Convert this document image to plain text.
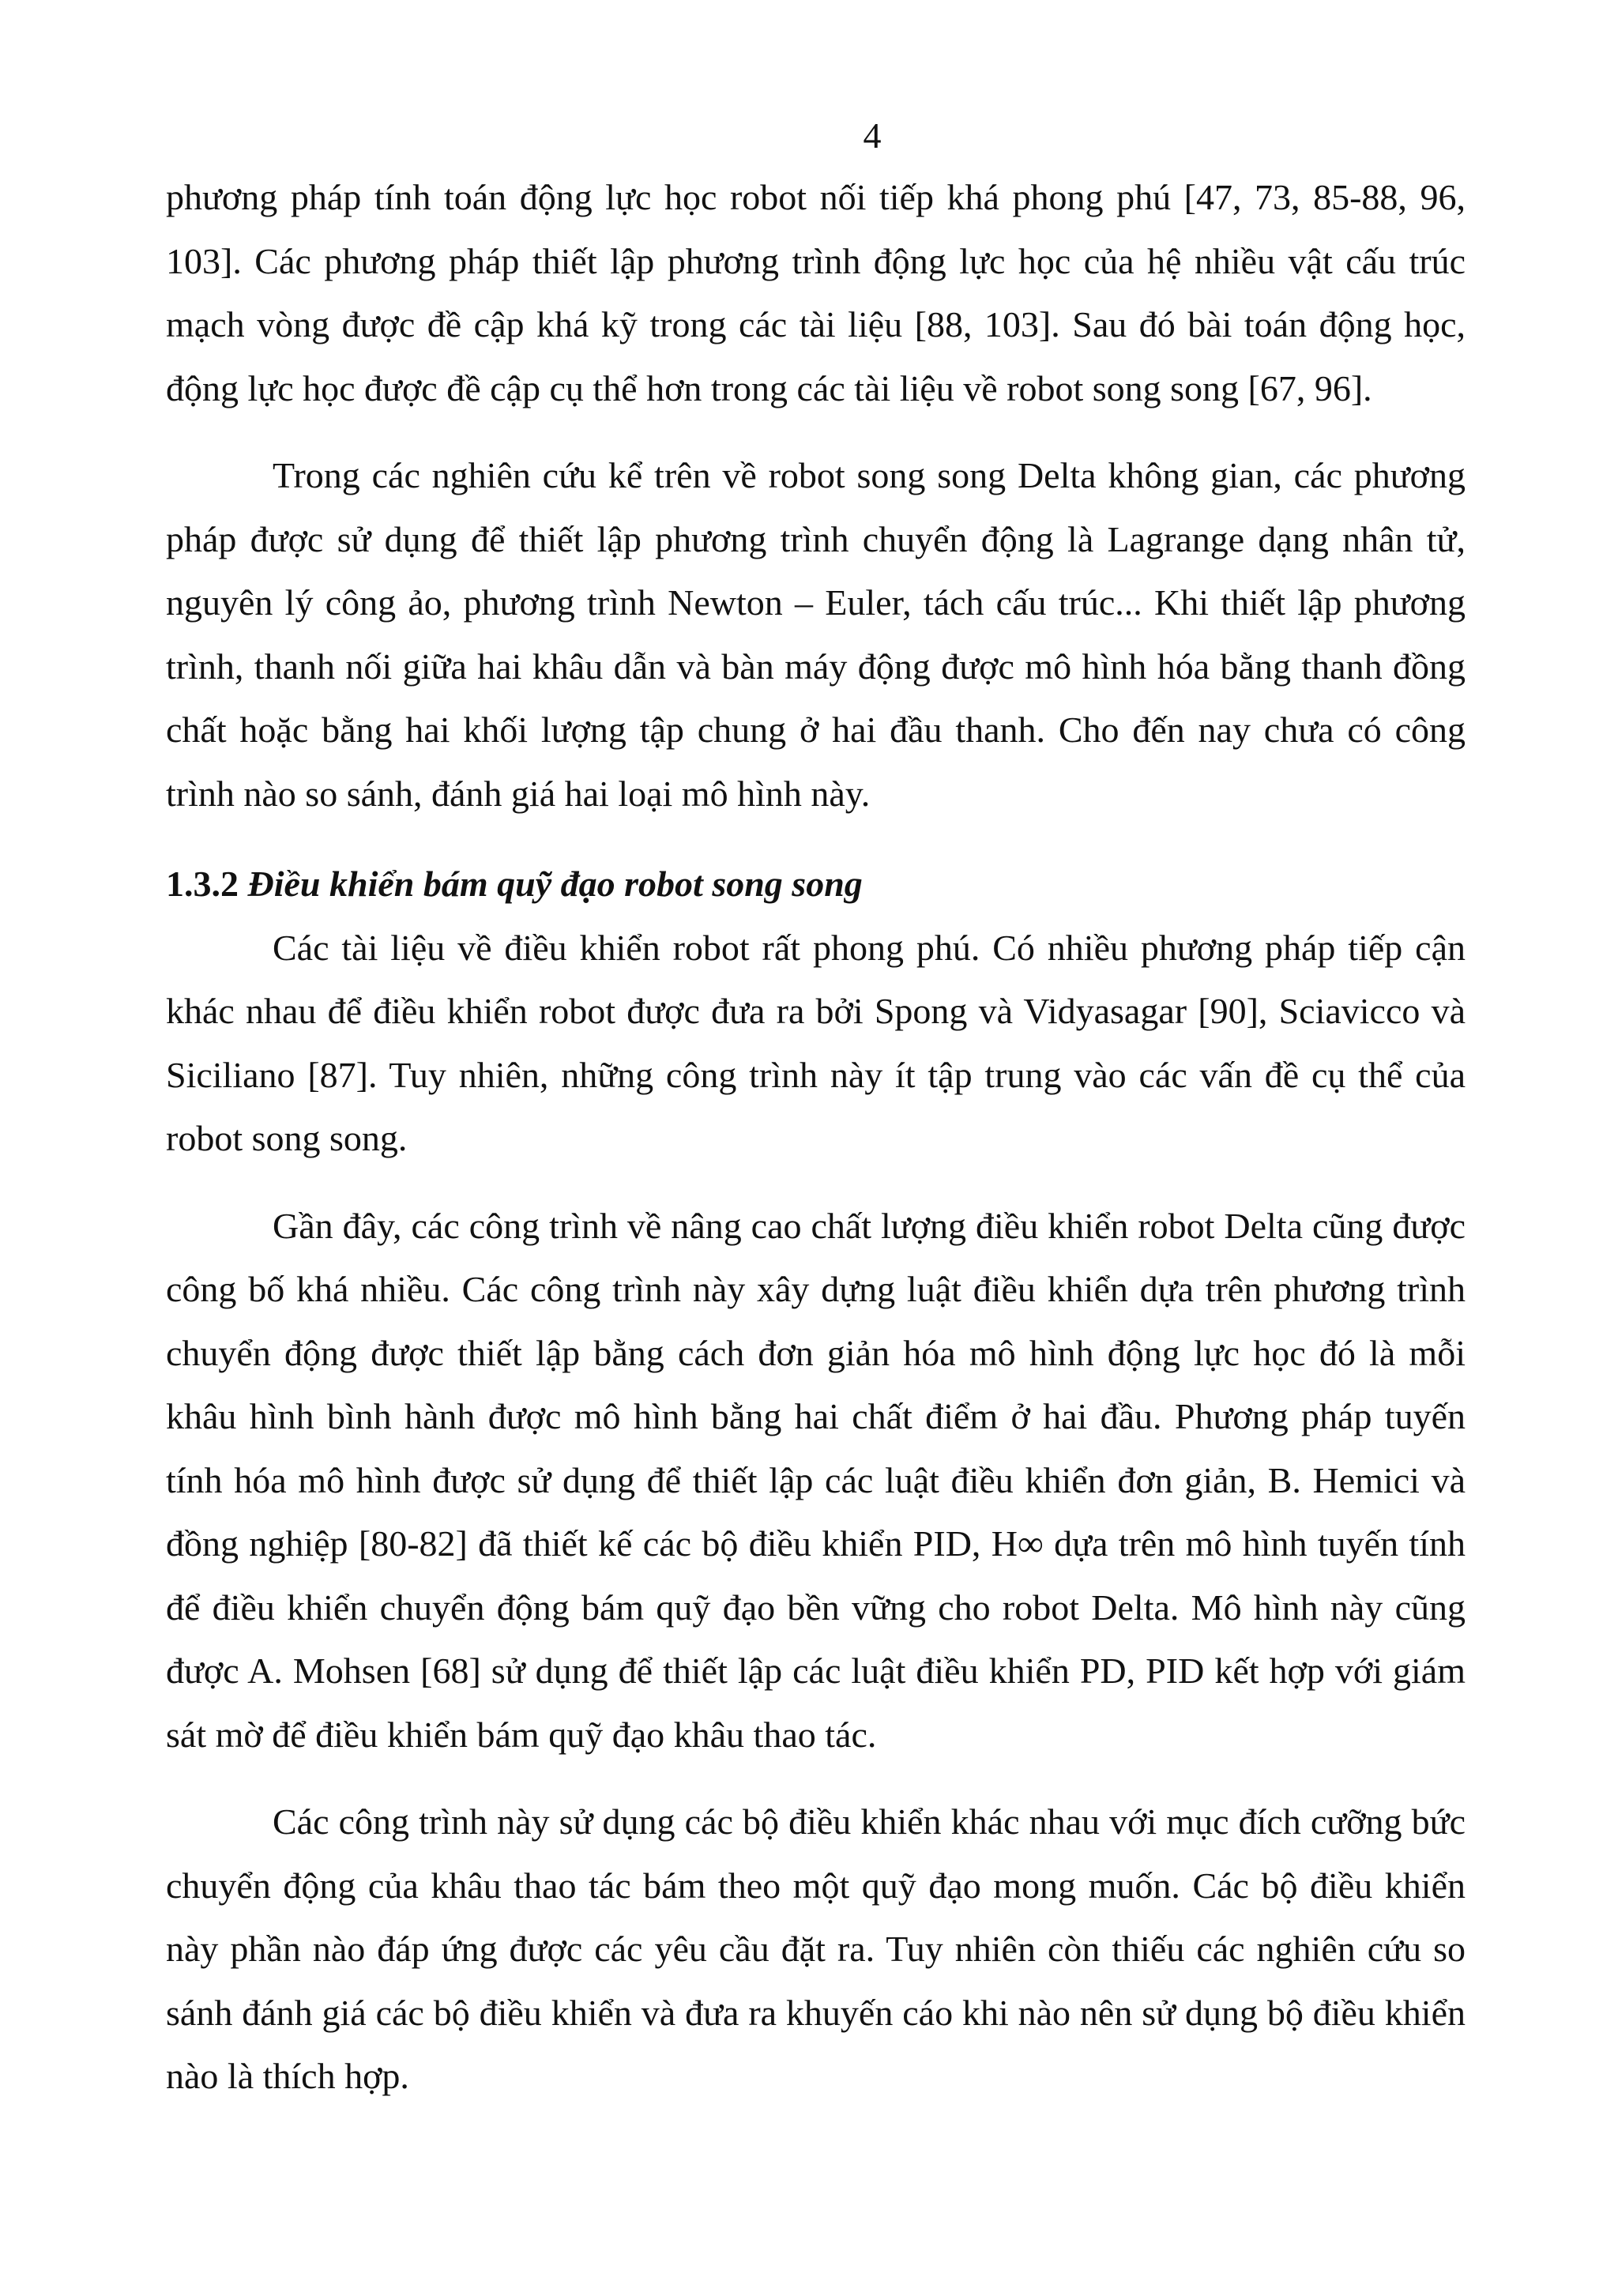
4

phương pháp tính toán động lực học robot nối tiếp khá phong phú [47, 73, 85-88, 96, 103]. Các phương pháp thiết lập phương trình động lực học của hệ nhiều vật cấu trúc mạch vòng được đề cập khá kỹ trong các tài liệu [88, 103]. Sau đó bài toán động học, động lực học được đề cập cụ thể hơn trong các tài liệu về robot song song [67, 96].

Trong các nghiên cứu kể trên về robot song song Delta không gian, các phương pháp được sử dụng để thiết lập phương trình chuyển động là Lagrange dạng nhân tử, nguyên lý công ảo, phương trình Newton – Euler, tách cấu trúc... Khi thiết lập phương trình, thanh nối giữa hai khâu dẫn và bàn máy động được mô hình hóa bằng thanh đồng chất hoặc bằng hai khối lượng tập chung ở hai đầu thanh. Cho đến nay chưa có công trình nào so sánh, đánh giá hai loại mô hình này.

1.3.2 Điều khiển bám quỹ đạo robot song song

Các tài liệu về điều khiển robot rất phong phú. Có nhiều phương pháp tiếp cận khác nhau để điều khiển robot được đưa ra bởi Spong và Vidyasagar [90], Sciavicco và Siciliano [87]. Tuy nhiên, những công trình này ít tập trung vào các vấn đề cụ thể của robot song song.

Gần đây, các công trình về nâng cao chất lượng điều khiển robot Delta cũng được công bố khá nhiều. Các công trình này xây dựng luật điều khiển dựa trên phương trình chuyển động được thiết lập bằng cách đơn giản hóa mô hình động lực học đó là mỗi khâu hình bình hành được mô hình bằng hai chất điểm ở hai đầu. Phương pháp tuyến tính hóa mô hình được sử dụng để thiết lập các luật điều khiển đơn giản, B. Hemici và đồng nghiệp [80-82] đã thiết kế các bộ điều khiển PID, H∞ dựa trên mô hình tuyến tính để điều khiển chuyển động bám quỹ đạo bền vững cho robot Delta. Mô hình này cũng được A. Mohsen [68] sử dụng để thiết lập các luật điều khiển PD, PID kết hợp với giám sát mờ để điều khiển bám quỹ đạo khâu thao tác.

Các công trình này sử dụng các bộ điều khiển khác nhau với mục đích cưỡng bức chuyển động của khâu thao tác bám theo một quỹ đạo mong muốn. Các bộ điều khiển này phần nào đáp ứng được các yêu cầu đặt ra. Tuy nhiên còn thiếu các nghiên cứu so sánh đánh giá các bộ điều khiển và đưa ra khuyến cáo khi nào nên sử dụng bộ điều khiển nào là thích hợp.
